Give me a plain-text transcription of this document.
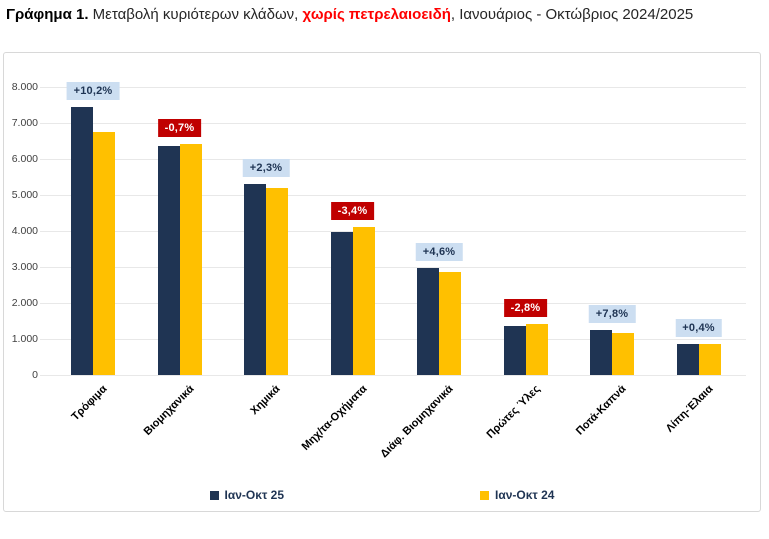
Γράφημα 1. Μεταβολή κυριότερων κλάδων, χωρίς πετρελαιοειδή, Ιανουάριος - Οκτώβριος 2024/2025
0
1.000
2.000
3.000
4.000
5.000
6.000
7.000
8.000	+10,2%
Τρόφιμα
-0,7%
Βιομηχανικά
+2,3%
Χημικά
-3,4%
Μηχ/τα-Οχήματα
+4,6%
Διάφ. Βιομηχανικά
-2,8%
Πρώτες Ύλες
+7,8%
Ποτά-Καπνά
+0,4%
Λίπη-Έλαια
Ιαν-Οκτ 25	Ιαν-Οκτ 24
